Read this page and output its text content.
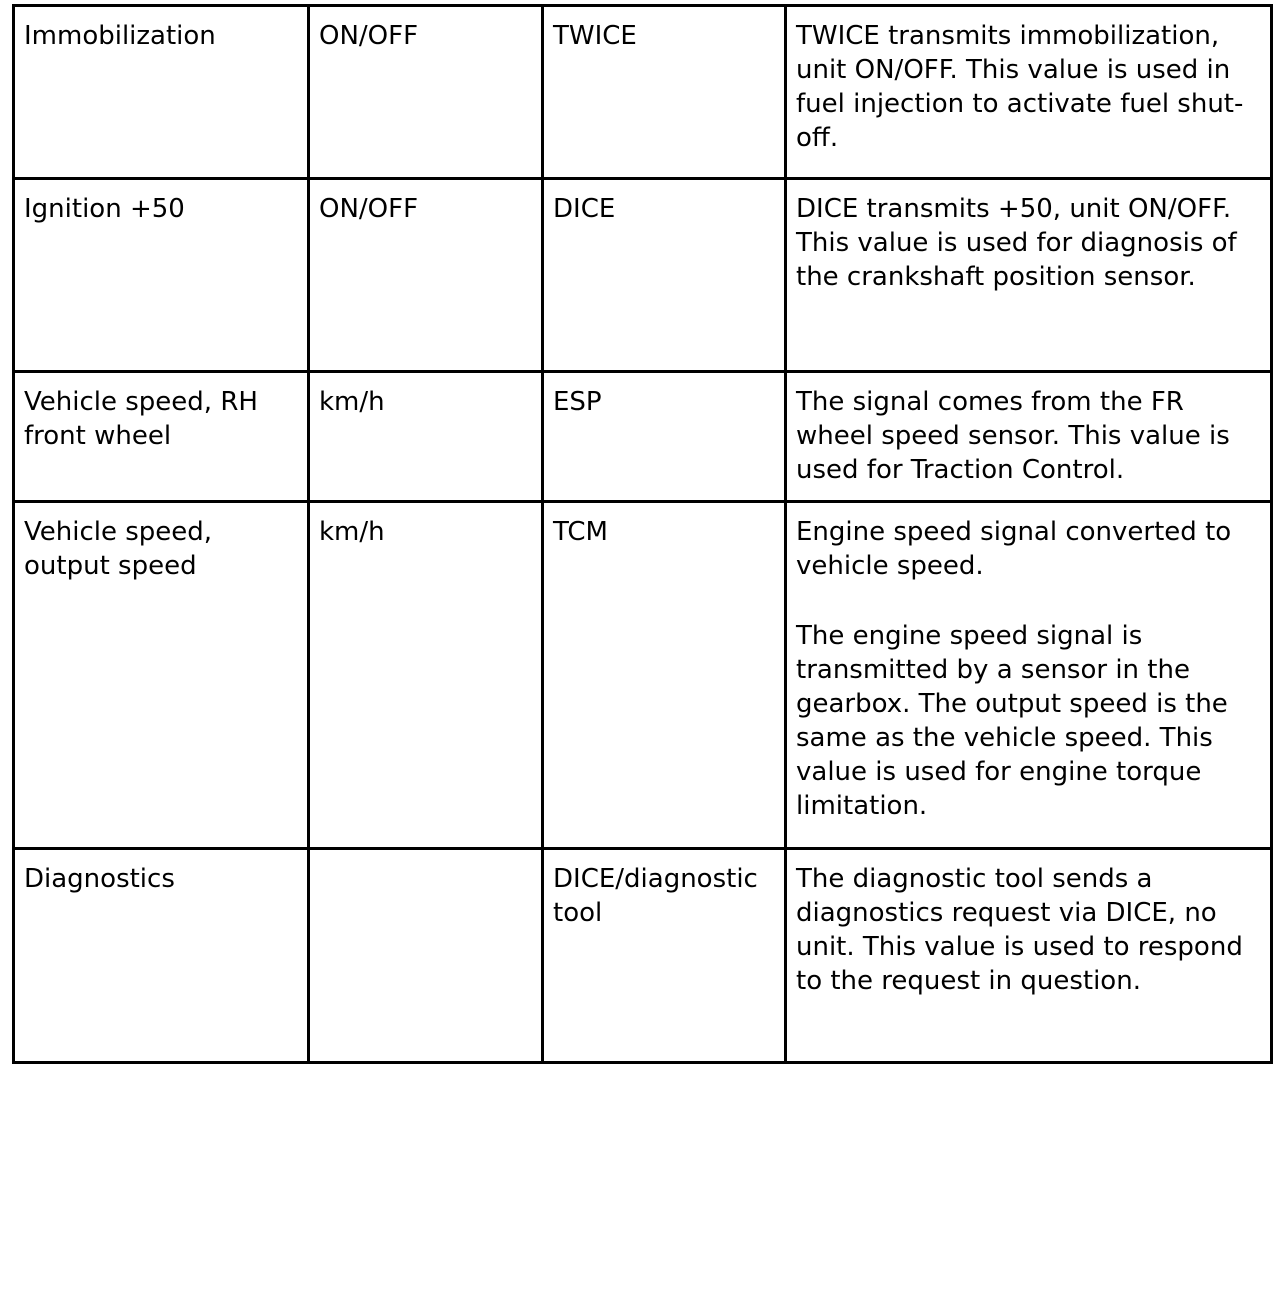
Immobilization	ON/OFF	TWICE	TWICE transmits immobilization, unit ON/OFF. This value is used in fuel injection to activate fuel shut-off.

Ignition +50	ON/OFF	DICE	DICE transmits +50, unit ON/OFF. This value is used for diagnosis of the crankshaft position sensor.

Vehicle speed, RH front wheel	km/h	ESP	The signal comes from the FR wheel speed sensor. This value is used for Traction Control.

Vehicle speed, output speed	km/h	TCM	Engine speed signal converted to vehicle speed.
The engine speed signal is transmitted by a sensor in the gearbox. The output speed is the same as the vehicle speed. This value is used for engine torque limitation.

Diagnostics		DICE/diagnostic tool	The diagnostic tool sends a diagnostics request via DICE, no unit. This value is used to respond to the request in question.
